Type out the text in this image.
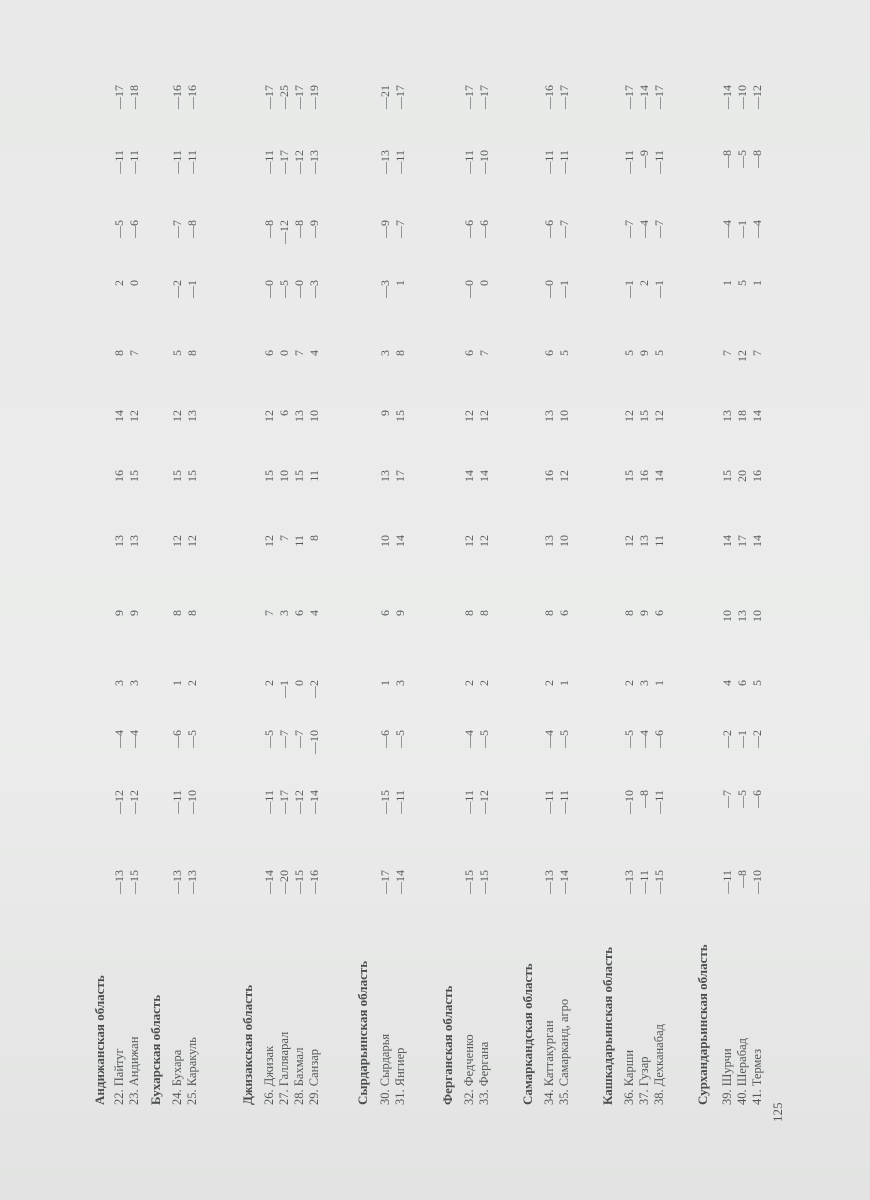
125
Андижанская область 22. Пайтуг
—13
—12
—4
3
9
13
16
14
8
2
—5
—11
—17
23. Андижан
—15
—12
—4
3
9
13
15
12
7
0
—6
—11
—18
Бухарская область 24. Бухара
—13
—11
—6
1
8
12
15
12
5
—2
—7
—11
—16
25. Каракуль
—13
—10
—5
2
8
12
15
13
8
—1
—8
—11
—16
Джизакская область 26. Джизак
—14
—11
—5
2
7
12
15
12
6
—0
—8
—11
—17
27. Галляарал
—20
—17
—7
—1
3
7
10
6
0
—5
—12
—17
—25
28. Бахмал
—15
—12
—7
0
6
11
15
13
7
—0
—8
—12
—17
29. Санзар
—16
—14
—10
—2
4
8
11
10
4
—3
—9
—13
—19
Сырдарьинская область 30. Сырдарья
—17
—15
—6
1
6
10
13
9
3
—3
—9
—13
—21
31. Янгиер
—14
—11
—5
3
9
14
17
15
8
1
—7
—11
—17
Ферганская область 32. Федченко
—15
—11
—4
2
8
12
14
12
6
—0
—6
—11
—17
33. Фергана
—15
—12
—5
2
8
12
14
12
7
0
—6
—10
—17
Самаркандская область 34. Каттакурган
—13
—11
—4
2
8
13
16
13
6
—0
—6
—11
—16
35. Самарканд, агро
—14
—11
—5
1
6
10
12
10
5
—1
—7
—11
—17
Кашкадарьинская область 36. Карши
—13
—10
—5
2
8
12
15
12
5
—1
—7
—11
—17
37. Гузар
—11
—8
—4
3
9
13
16
15
9
2
—4
—9
—14
38. Дехканабад
—15
—11
—6
1
6
11
14
12
5
—1
—7
—11
—17
Сурхандарьинская область 39. Шурчи
—11
—7
—2
4
10
14
15
13
7
1
—4
—8
—14
40. Шерабад
—8
—5
—1
6
13
17
20
18
12
5
—1
—5
—10
41. Термез
—10
—6
—2
5
10
14
16
14
7
1
—4
—8
—12
